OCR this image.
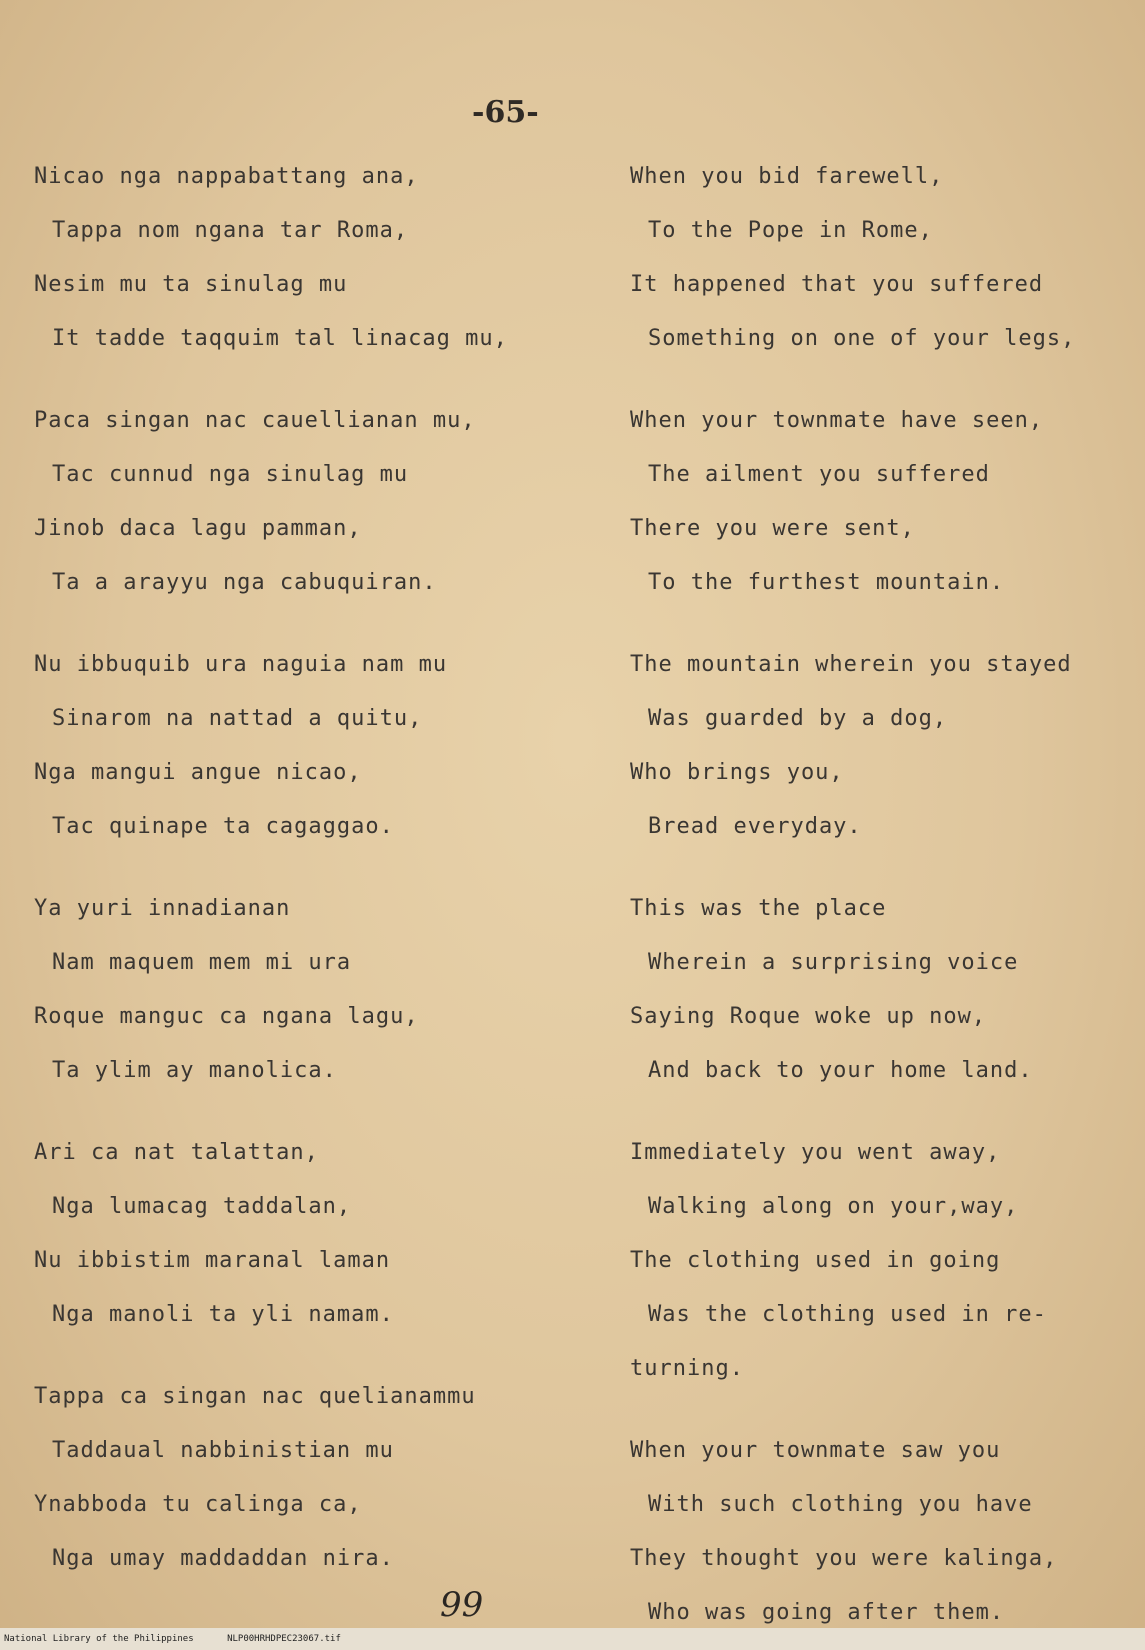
-65-
Nicao nga nappabattang ana,
Tappa nom ngana tar Roma,
Nesim mu ta sinulag mu
It tadde taqquim tal linacag mu,
Paca singan nac cauellianan mu,
Tac cunnud nga sinulag mu
Jinob daca lagu pamman,
Ta a arayyu nga cabuquiran.
Nu ibbuquib ura naguia nam mu
Sinarom na nattad a quitu,
Nga mangui angue nicao,
Tac quinape ta cagaggao.
Ya yuri innadianan
Nam maquem mem mi ura
Roque manguc ca ngana lagu,
Ta ylim ay manolica.
Ari ca nat talattan,
Nga lumacag taddalan,
Nu ibbistim maranal laman
Nga manoli ta yli namam.
Tappa ca singan nac quelianammu
Taddaual nabbinistian mu
Ynabboda tu calinga ca,
Nga umay maddaddan nira.
When you bid farewell,
To the Pope in Rome,
It happened that you suffered
Something on one of your legs,
When your townmate have seen,
The ailment you suffered
There you were sent,
To the furthest mountain.
The mountain wherein you stayed
Was guarded by a dog,
Who brings you,
Bread everyday.
This was the place
Wherein a surprising voice
Saying Roque woke up now,
And back to your home land.
Immediately you went away,
Walking along on your,way,
The clothing used in going
Was the clothing used in re-
turning.
When your townmate saw you
With such clothing you have
They thought you were kalinga,
Who was going after them.
99
National Library of the Philippines	NLP00HRHDPEC23067.tif
